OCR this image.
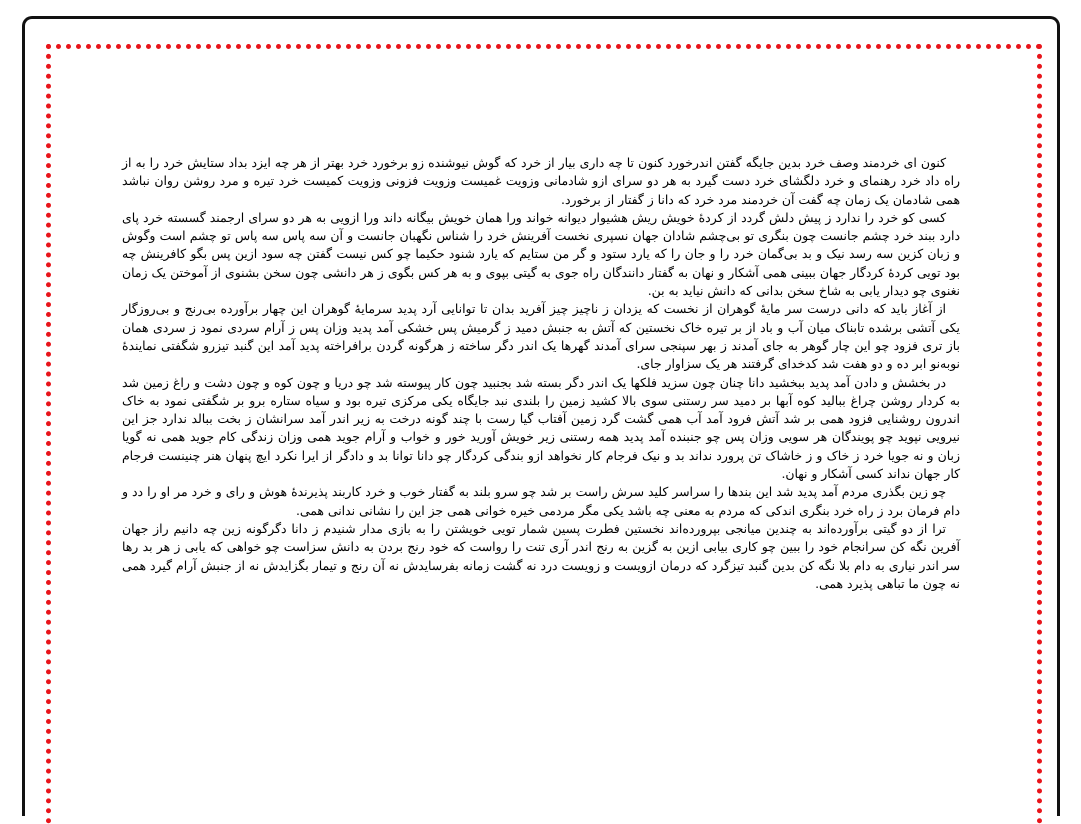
کنون ای خردمند وصف خرد بدین جایگه گفتن اندرخورد کنون تا چه داری بیار از خرد که گوش نیوشنده زو برخورد خرد بهتر از هر چه ایزد بداد ستایش خرد را به از راه داد خرد رهنمای و خرد دلگشای خرد دست گیرد به هر دو سرای ازو شادمانی وزویت غمیست وزویت فزونی وزویت کمیست خرد تیره و مرد روشن روان نباشد همی شادمان یک زمان چه گفت آن خردمند مرد خرد که دانا ز گفتار از برخورد.

کسی کو خرد را ندارد ز پیش دلش گردد از کردهٔ خویش ریش هشیوار دیوانه خواند ورا همان خویش بیگانه داند ورا ازویی به هر دو سرای ارجمند گسسته خرد پای دارد ببند خرد چشم جانست چون بنگری تو بی‌چشم شادان جهان نسپری نخست آفرینش خرد را شناس نگهبان جانست و آن سه پاس سه پاس تو چشم است وگوش و زبان کزین سه رسد نیک و بد بی‌گمان خرد را و جان را که یارد ستود و گر من ستایم که یارد شنود حکیما چو کس نیست گفتن چه سود ازین پس بگو کافرینش چه بود تویی کردهٔ کردگار جهان ببینی همی آشکار و نهان به گفتار دانندگان راه جوی به گیتی بپوی و به هر کس بگوی ز هر دانشی چون سخن بشنوی از آموختن یک زمان نغنوی چو دیدار یابی به شاخ سخن بدانی که دانش نیاید به بن.

از آغاز باید که دانی درست سر مایهٔ گوهران از نخست که یزدان ز ناچیز چیز آفرید بدان تا توانایی آرد پدید سرمایهٔ گوهران این چهار برآورده بی‌رنج و بی‌روزگار یکی آتشی برشده تابناک میان آب و باد از بر تیره خاک نخستین که آتش به جنبش دمید ز گرمیش پس خشکی آمد پدید وزان پس ز آرام سردی نمود ز سردی همان باز تری فزود چو این چار گوهر به جای آمدند ز بهر سپنجی سرای آمدند گهرها یک اندر دگر ساخته ز هرگونه گردن برافراخته پدید آمد این گنبد تیزرو شگفتی نمایندهٔ نوبه‌نو ابر ده و دو هفت شد کدخدای گرفتند هر یک سزاوار جای.

در بخشش و دادن آمد پدید ببخشید دانا چنان چون سزید فلکها یک اندر دگر بسته شد بجنبید چون کار پیوسته شد چو دریا و چون کوه و چون دشت و راغ زمین شد به کردار روشن چراغ ببالید کوه آبها بر دمید سر رستنی سوی بالا کشید زمین را بلندی نبد جایگاه یکی مرکزی تیره بود و سیاه ستاره برو بر شگفتی نمود به خاک اندرون روشنایی فزود همی بر شد آتش فرود آمد آب همی گشت گرد زمین آفتاب گیا رست با چند گونه درخت به زیر اندر آمد سرانشان ز بخت ببالد ندارد جز این نیرویی نپوید چو پویندگان هر سویی وزان پس چو جنبنده آمد پدید همه رستنی زیر خویش آورید خور و خواب و آرام جوید همی وزان زندگی کام جوید همی نه گویا زبان و نه جویا خرد ز خاک و ز خاشاک تن پرورد نداند بد و نیک فرجام کار نخواهد ازو بندگی کردگار چو دانا توانا بد و دادگر از ایرا نکرد ایچ پنهان هنر چنینست فرجام کار جهان نداند کسی آشکار و نهان.

چو زین بگذری مردم آمد پدید شد این بندها را سراسر کلید سرش راست بر شد چو سرو بلند به گفتار خوب و خرد کاربند پذیرندهٔ هوش و رای و خرد مر او را دد و دام فرمان برد ز راه خرد بنگری اندکی که مردم به معنی چه باشد یکی مگر مردمی خیره خوانی همی جز این را نشانی ندانی همی.

ترا از دو گیتی برآورده‌اند به چندین میانجی بپرورده‌اند نخستین فطرت پسین شمار تویی خویشتن را به بازی مدار شنیدم ز دانا دگرگونه زین چه دانیم راز جهان آفرین نگه کن سرانجام خود را ببین چو کاری بیابی ازین به گزین به رنج اندر آری تنت را رواست که خود رنج بردن به دانش سزاست چو خواهی که یابی ز هر بد رها سر اندر نیاری به دام بلا نگه کن بدین گنبد تیزگرد که درمان ازویست و زویست درد نه گشت زمانه بفرسایدش نه آن رنج و تیمار بگزایدش نه از جنبش آرام گیرد همی نه چون ما تباهی پذیرد همی.
